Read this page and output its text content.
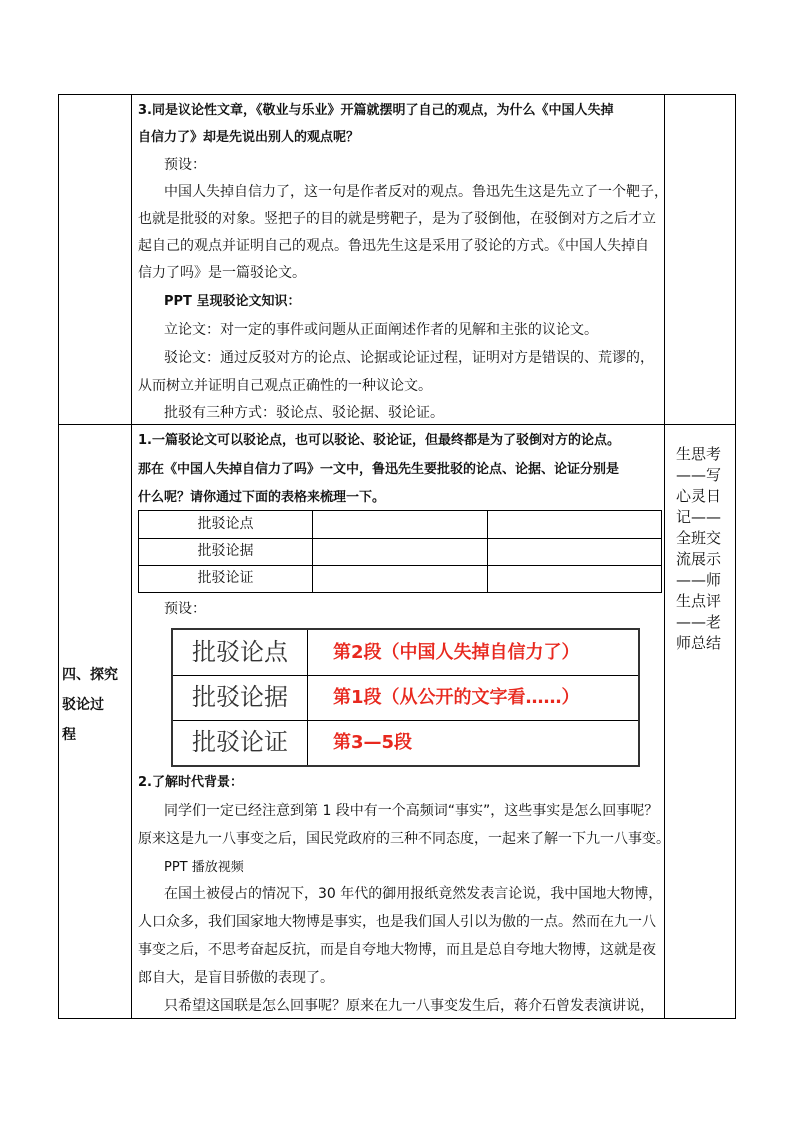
3.同是议论性文章，《敬业与乐业》开篇就摆明了自己的观点，为什么《中国人失掉
自信力了》却是先说出别人的观点呢？
预设：
中国人失掉自信力了，这一句是作者反对的观点。鲁迅先生这是先立了一个靶子，
也就是批驳的对象。竖把子的目的就是劈靶子，是为了驳倒他，在驳倒对方之后才立
起自己的观点并证明自己的观点。鲁迅先生这是采用了驳论的方式。《中国人失掉自
信力了吗》是一篇驳论文。
PPT 呈现驳论文知识：
立论文：对一定的事件或问题从正面阐述作者的见解和主张的议论文。
驳论文：通过反驳对方的论点、论据或论证过程，证明对方是错误的、荒谬的，
从而树立并证明自己观点正确性的一种议论文。
批驳有三种方式：驳论点、驳论据、驳论证。
四、探究
驳论过
程
1.一篇驳论文可以驳论点，也可以驳论、驳论证，但最终都是为了驳倒对方的论点。
那在《中国人失掉自信力了吗》一文中，鲁迅先生要批驳的论点、论据、论证分别是
什么呢？请你通过下面的表格来梳理一下。
批驳论点
批驳论据
批驳论证
预设：
批驳论点	第2段（中国人失掉自信力了）
批驳论据	第1段（从公开的文字看……）
批驳论证	第3—5段
2.了解时代背景：
同学们一定已经注意到第 1 段中有一个高频词“事实”，这些事实是怎么回事呢？
原来这是九一八事变之后，国民党政府的三种不同态度，一起来了解一下九一八事变。
PPT 播放视频
在国土被侵占的情况下，30 年代的御用报纸竟然发表言论说，我中国地大物博，
人口众多，我们国家地大物博是事实，也是我们国人引以为傲的一点。然而在九一八
事变之后，不思考奋起反抗，而是自夸地大物博，而且是总自夸地大物博，这就是夜
郎自大，是盲目骄傲的表现了。
只希望这国联是怎么回事呢？原来在九一八事变发生后，蒋介石曾发表演讲说，
生思考
——写
心灵日
记——
全班交
流展示
——师
生点评
——老
师总结
